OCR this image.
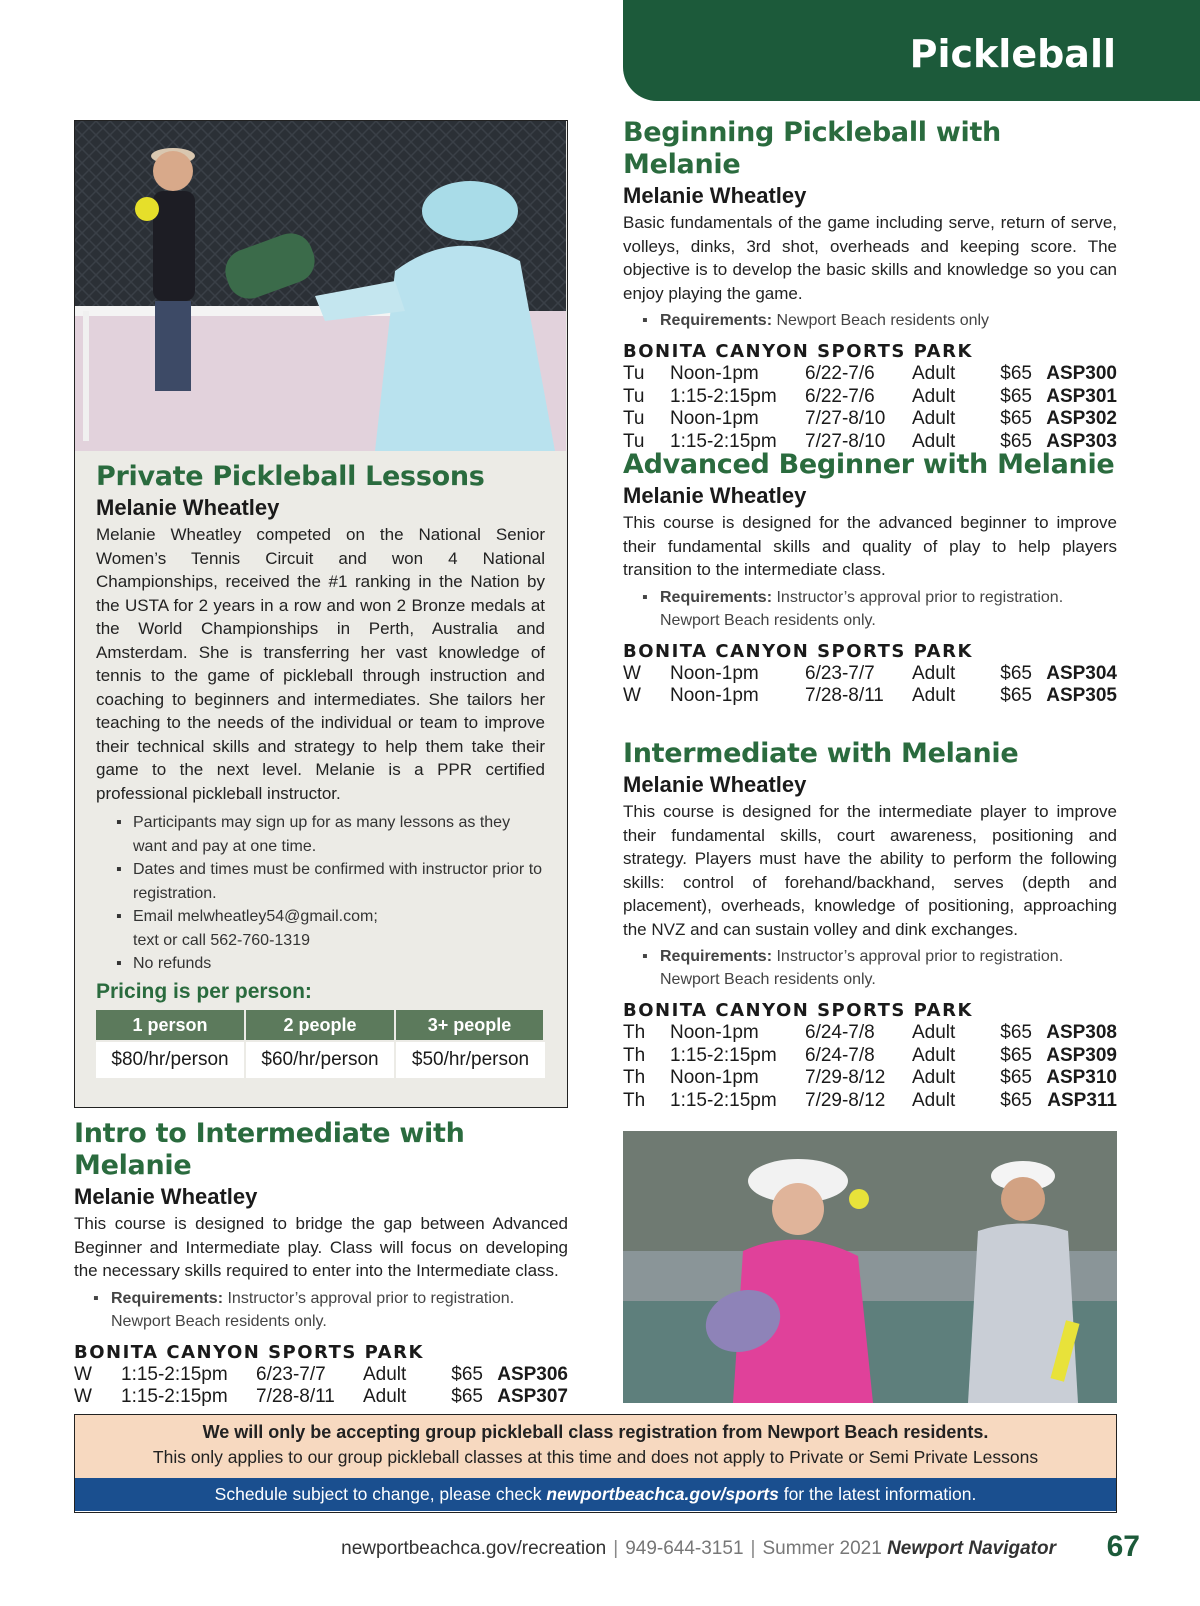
Pickleball
Private Pickleball Lessons
Melanie Wheatley

Melanie Wheatley competed on the National Senior Women’s Tennis Circuit and won 4 National Championships, received the #1 ranking in the Nation by the USTA for 2 years in a row and won 2 Bronze medals at the World Championships in Perth, Australia and Amsterdam. She is transferring her vast knowledge of tennis to the game of pickleball through instruction and coaching to beginners and intermediates. She tailors her teaching to the needs of the individual or team to improve their technical skills and strategy to help them take their game to the next level. Melanie is a PPR certified professional pickleball instructor.

▪ Participants may sign up for as many lessons as they want and pay at one time.
▪ Dates and times must be confirmed with instructor prior to registration.
▪ Email melwheatley54@gmail.com;
text or call 562-760-1319
▪ No refunds
Pricing is per person:
1 person	2 people	3+ people
$80/hr/person	$60/hr/person	$50/hr/person
Intro to Intermediate with Melanie
Melanie Wheatley

This course is designed to bridge the gap between Advanced Beginner and Intermediate play. Class will focus on developing the necessary skills required to enter into the Intermediate class.

▪ Requirements: Instructor’s approval prior to registration.
Newport Beach residents only.
BONITA CANYON SPORTS PARK
W	1:15-2:15pm	6/23-7/7	Adult	$65	ASP306
W	1:15-2:15pm	7/28-8/11	Adult	$65	ASP307
Beginning Pickleball with Melanie
Melanie Wheatley

Basic fundamentals of the game including serve, return of serve, volleys, dinks, 3rd shot, overheads and keeping score. The objective is to develop the basic skills and knowledge so you can enjoy playing the game.

▪ Requirements: Newport Beach residents only
BONITA CANYON SPORTS PARK
Tu	Noon-1pm	6/22-7/6	Adult	$65	ASP300
Tu	1:15-2:15pm	6/22-7/6	Adult	$65	ASP301
Tu	Noon-1pm	7/27-8/10	Adult	$65	ASP302
Tu	1:15-2:15pm	7/27-8/10	Adult	$65	ASP303
Advanced Beginner with Melanie
Melanie Wheatley

This course is designed for the advanced beginner to improve their fundamental skills and quality of play to help players transition to the intermediate class.

▪ Requirements: Instructor’s approval prior to registration.
Newport Beach residents only.
BONITA CANYON SPORTS PARK
W	Noon-1pm	6/23-7/7	Adult	$65	ASP304
W	Noon-1pm	7/28-8/11	Adult	$65	ASP305
Intermediate with Melanie
Melanie Wheatley

This course is designed for the intermediate player to improve their fundamental skills, court awareness, positioning and strategy. Players must have the ability to perform the following skills: control of forehand/backhand, serves (depth and placement), overheads, knowledge of positioning, approaching the NVZ and can sustain volley and dink exchanges.

▪ Requirements: Instructor’s approval prior to registration.
Newport Beach residents only.
BONITA CANYON SPORTS PARK
Th	Noon-1pm	6/24-7/8	Adult	$65	ASP308
Th	1:15-2:15pm	6/24-7/8	Adult	$65	ASP309
Th	Noon-1pm	7/29-8/12	Adult	$65	ASP310
Th	1:15-2:15pm	7/29-8/12	Adult	$65	ASP311
We will only be accepting group pickleball class registration from Newport Beach residents.
This only applies to our group pickleball classes at this time and does not apply to Private or Semi Private Lessons
Schedule subject to change, please check newportbeachca.gov/sports for the latest information.
newportbeachca.gov/recreation | 949-644-3151 | Summer 2021 Newport Navigator 67
